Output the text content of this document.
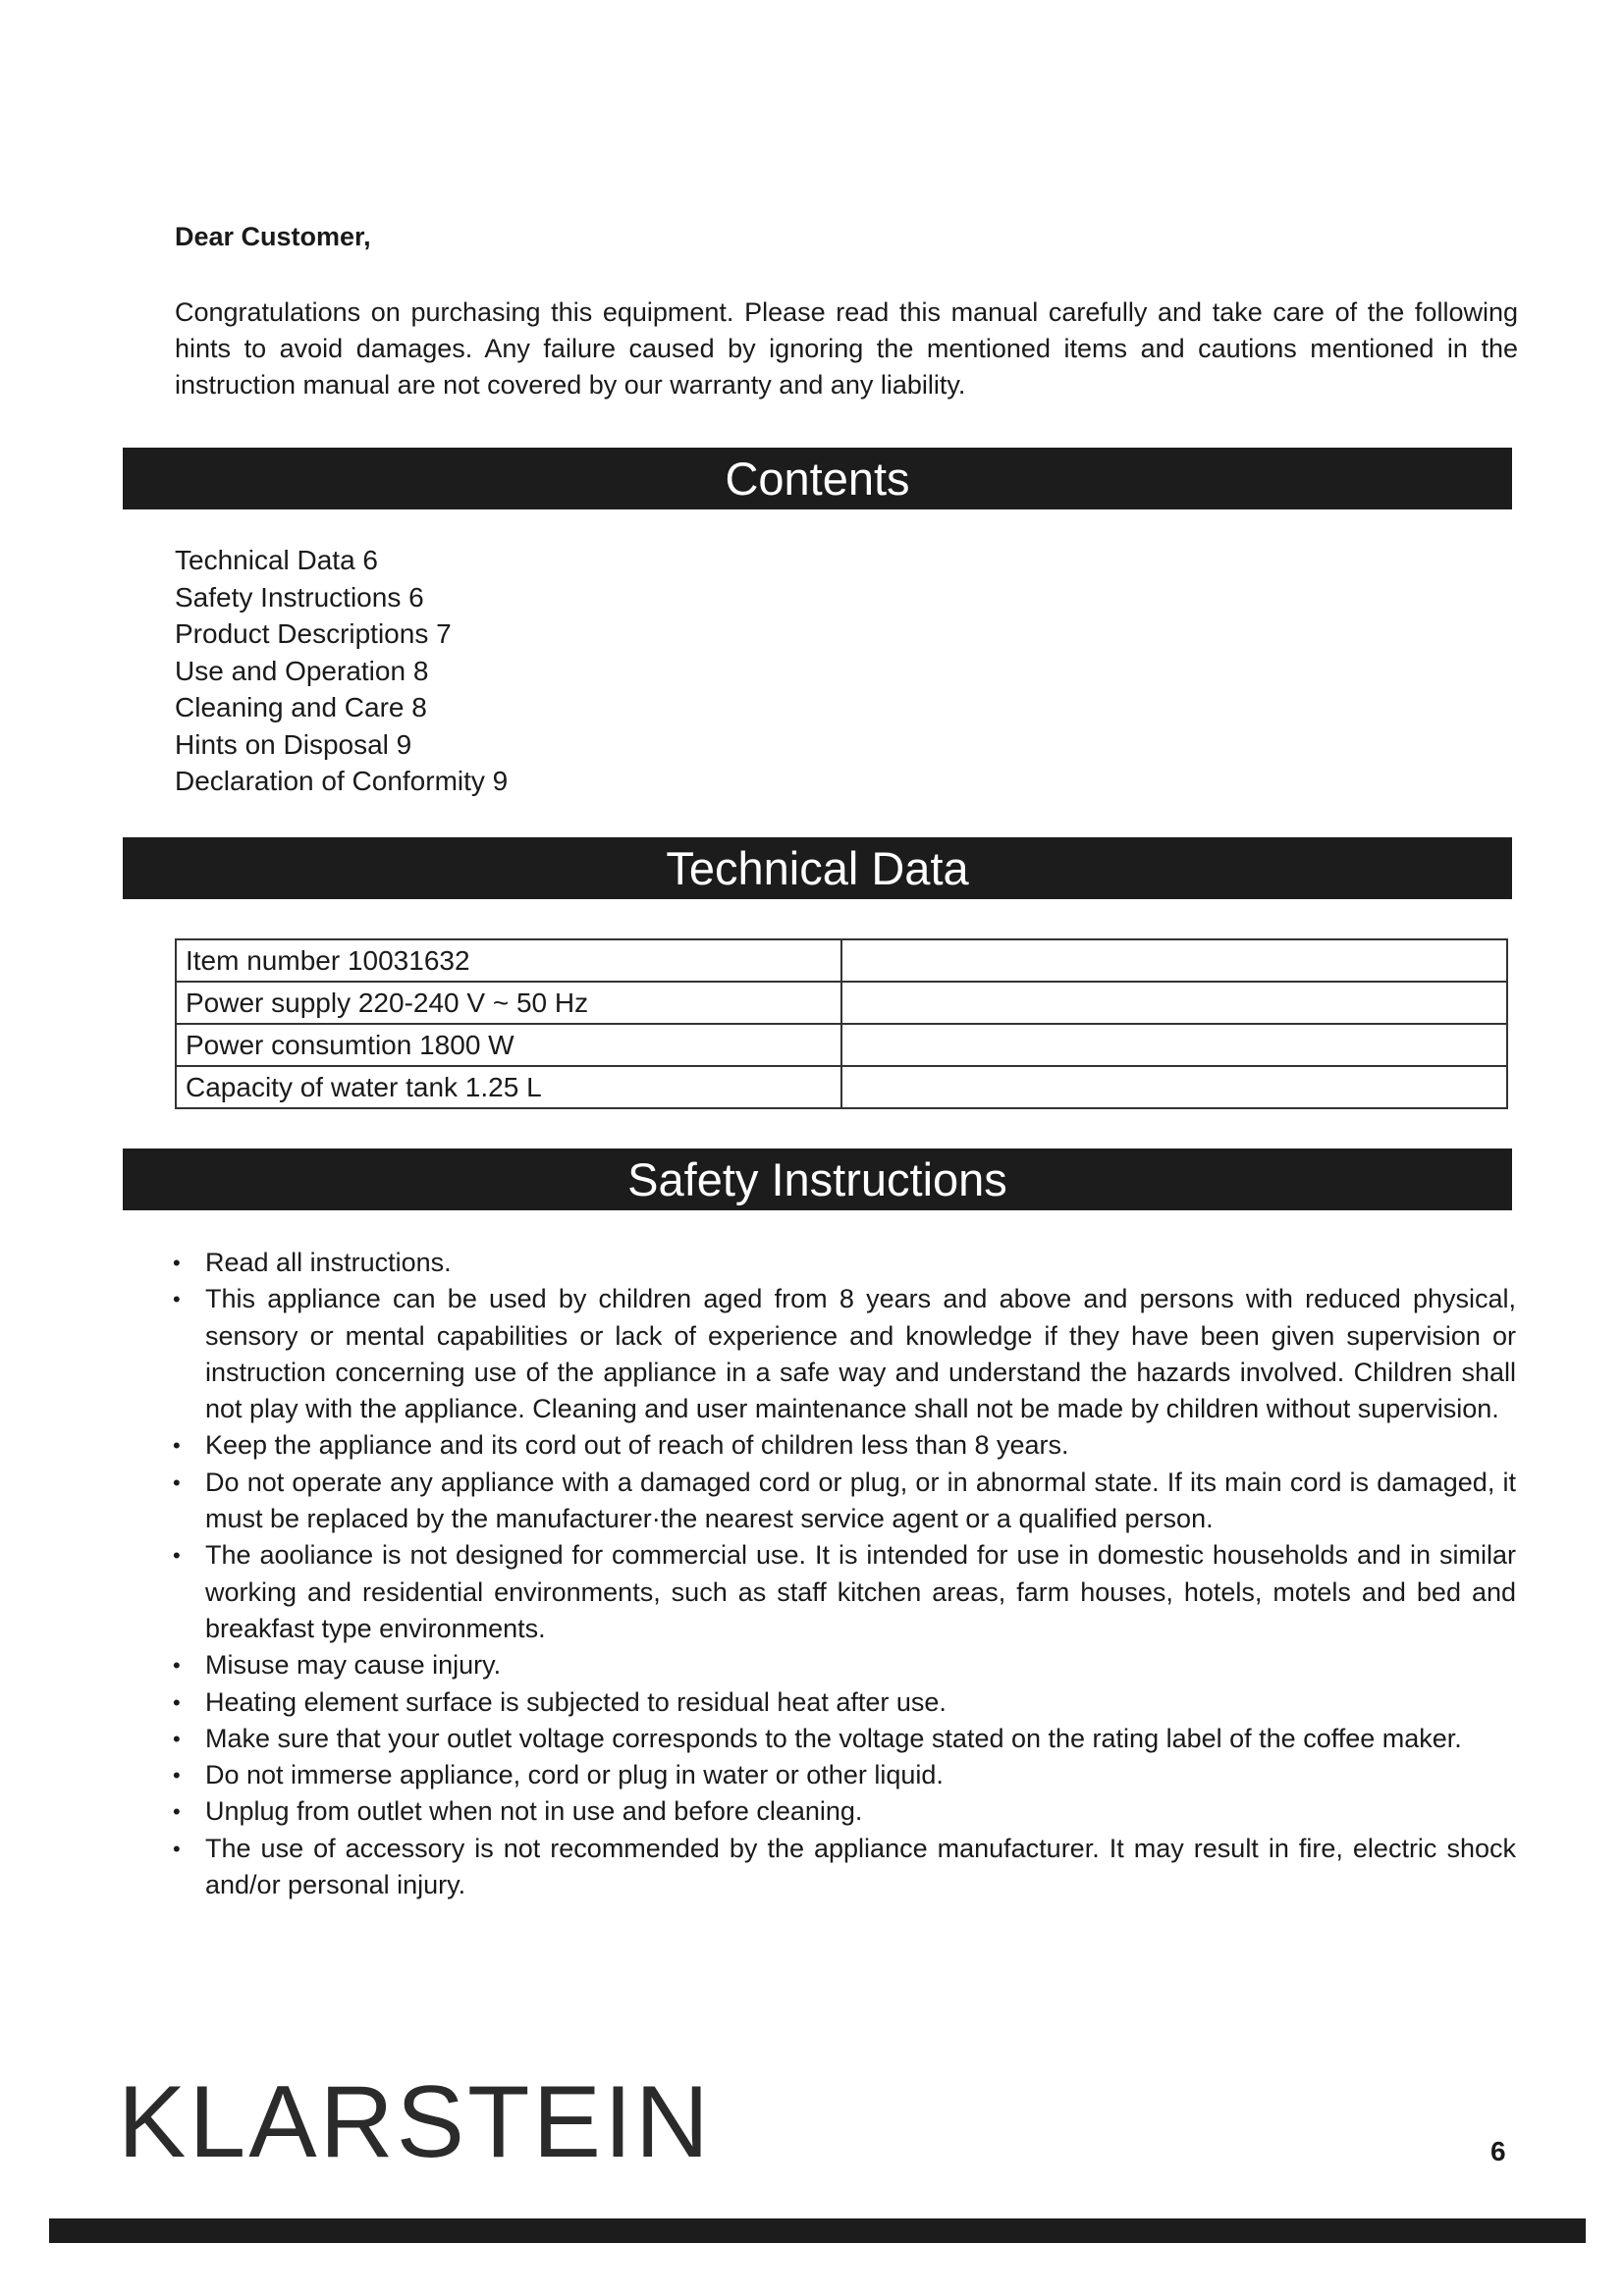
Dear Customer,

Congratulations on purchasing this equipment. Please read this manual carefully and take care of the following hints to avoid damages. Any failure caused by ignoring the mentioned items and cautions mentioned in the instruction manual are not covered by our warranty and any liability.

Contents
Technical Data 6
Safety Instructions 6
Product Descriptions 7
Use and Operation 8
Cleaning and Care 8
Hints on Disposal 9
Declaration of Conformity 9
Technical Data
Item number 10031632	
Power supply 220-240 V ~ 50 Hz	
Power consumtion 1800 W	
Capacity of water tank 1.25 L	
Safety Instructions
• Read all instructions.
• This appliance can be used by children aged from 8 years and above and persons with reduced physical, sensory or mental capabilities or lack of experience and knowledge if they have been given supervision or instruction concerning use of the appliance in a safe way and understand the hazards involved. Children shall not play with the appliance. Cleaning and user maintenance shall not be made by children without supervision.
• Keep the appliance and its cord out of reach of children less than 8 years.
• Do not operate any appliance with a damaged cord or plug, or in abnormal state. If its main cord is damaged, it must be replaced by the manufacturer·the nearest service agent or a qualified person.
• The aooliance is not designed for commercial use. It is intended for use in domestic households and in similar working and residential environments, such as staff kitchen areas, farm houses, hotels, motels and bed and breakfast type environments.
• Misuse may cause injury.
• Heating element surface is subjected to residual heat after use.
• Make sure that your outlet voltage corresponds to the voltage stated on the rating label of the coffee maker.
• Do not immerse appliance, cord or plug in water or other liquid.
• Unplug from outlet when not in use and before cleaning.
• The use of accessory is not recommended by the appliance manufacturer. It may result in fire, electric shock and/or personal injury.
KLARSTEIN	6
